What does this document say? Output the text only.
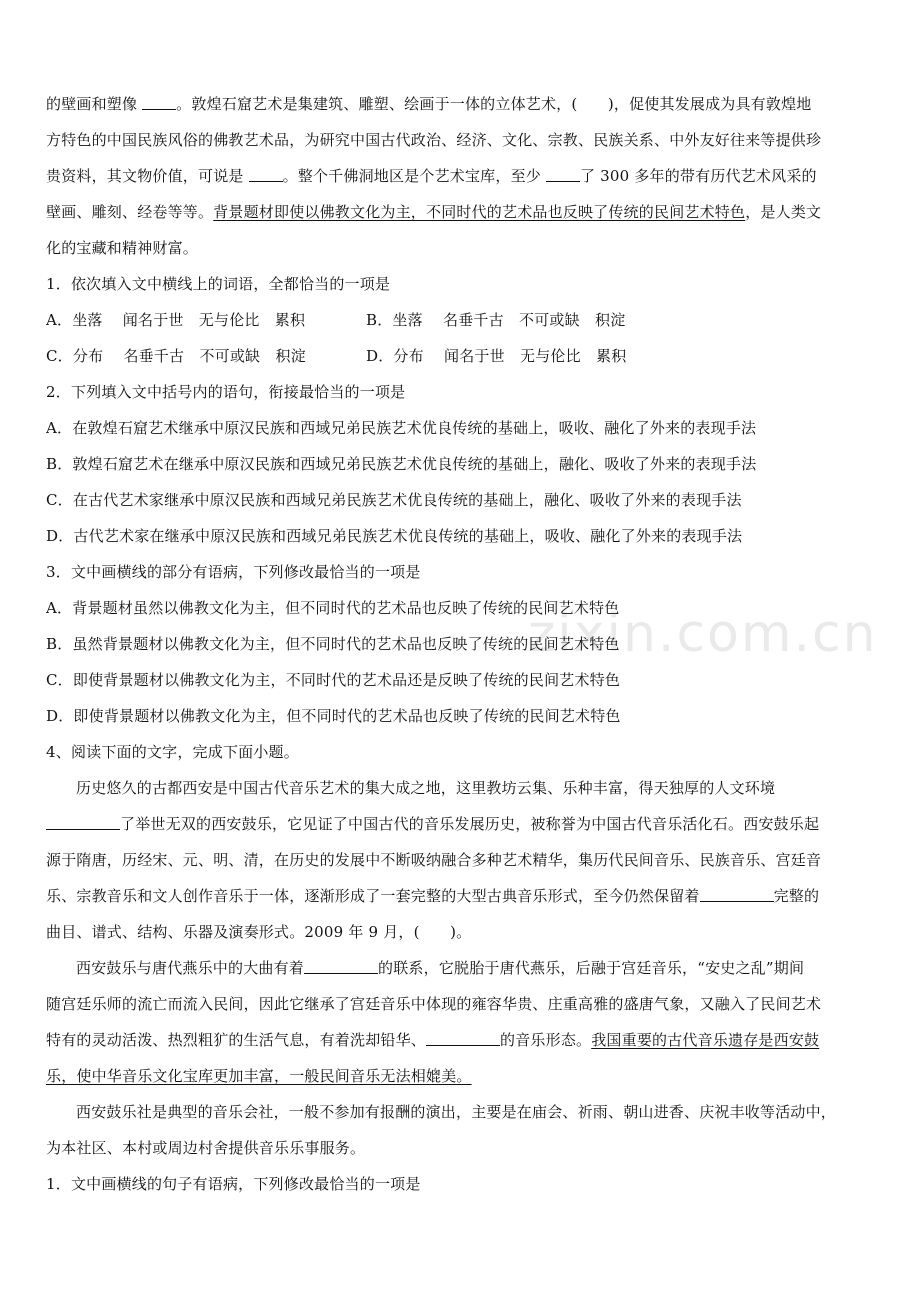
zixin.com.cn
的壁画和塑像 。敦煌石窟艺术是集建筑、雕塑、绘画于一体的立体艺术，(　　)，促使其发展成为具有敦煌地
方特色的中国民族风俗的佛教艺术品，为研究中国古代政治、经济、文化、宗教、民族关系、中外友好往来等提供珍
贵资料，其文物价值，可说是 。整个千佛洞地区是个艺术宝库，至少 了 300 多年的带有历代艺术风采的
壁画、雕刻、经卷等等。背景题材即使以佛教文化为主，不同时代的艺术品也反映了传统的民间艺术特色，是人类文
化的宝藏和精神财富。
1．依次填入文中横线上的词语，全都恰当的一项是
A．坐落　 闻名于世　无与伦比　累积	B．坐落　 名垂千古　不可或缺　积淀
C．分布　 名垂千古　不可或缺　积淀	D．分布　 闻名于世　无与伦比　累积
2．下列填入文中括号内的语句，衔接最恰当的一项是
A．在敦煌石窟艺术继承中原汉民族和西域兄弟民族艺术优良传统的基础上，吸收、融化了外来的表现手法
B．敦煌石窟艺术在继承中原汉民族和西域兄弟民族艺术优良传统的基础上，融化、吸收了外来的表现手法
C．在古代艺术家继承中原汉民族和西域兄弟民族艺术优良传统的基础上，融化、吸收了外来的表现手法
D．古代艺术家在继承中原汉民族和西域兄弟民族艺术优良传统的基础上，吸收、融化了外来的表现手法
3．文中画横线的部分有语病，下列修改最恰当的一项是
A．背景题材虽然以佛教文化为主，但不同时代的艺术品也反映了传统的民间艺术特色
B．虽然背景题材以佛教文化为主，但不同时代的艺术品也反映了传统的民间艺术特色
C．即使背景题材以佛教文化为主，不同时代的艺术品还是反映了传统的民间艺术特色
D．即使背景题材以佛教文化为主，但不同时代的艺术品也反映了传统的民间艺术特色
4、阅读下面的文字，完成下面小题。
历史悠久的古都西安是中国古代音乐艺术的集大成之地，这里教坊云集、乐种丰富，得天独厚的人文环境
了举世无双的西安鼓乐，它见证了中国古代的音乐发展历史，被称誉为中国古代音乐活化石。西安鼓乐起
源于隋唐，历经宋、元、明、清，在历史的发展中不断吸纳融合多种艺术精华，集历代民间音乐、民族音乐、宫廷音
乐、宗教音乐和文人创作音乐于一体，逐渐形成了一套完整的大型古典音乐形式，至今仍然保留着	完整的
曲目、谱式、结构、乐器及演奏形式。2009 年 9 月，(　　)。
西安鼓乐与唐代燕乐中的大曲有着	的联系，它脱胎于唐代燕乐，后融于宫廷音乐，“安史之乱”期间
随宫廷乐师的流亡而流入民间，因此它继承了宫廷音乐中体现的雍容华贵、庄重高雅的盛唐气象，又融入了民间艺术
特有的灵动活泼、热烈粗犷的生活气息，有着洗却铅华、	的音乐形态。我国重要的古代音乐遗存是西安鼓
乐，使中华音乐文化宝库更加丰富，一般民间音乐无法相媲美。
西安鼓乐社是典型的音乐会社，一般不参加有报酬的演出，主要是在庙会、祈雨、朝山进香、庆祝丰收等活动中，
为本社区、本村或周边村舍提供音乐乐事服务。
1．文中画横线的句子有语病，下列修改最恰当的一项是
